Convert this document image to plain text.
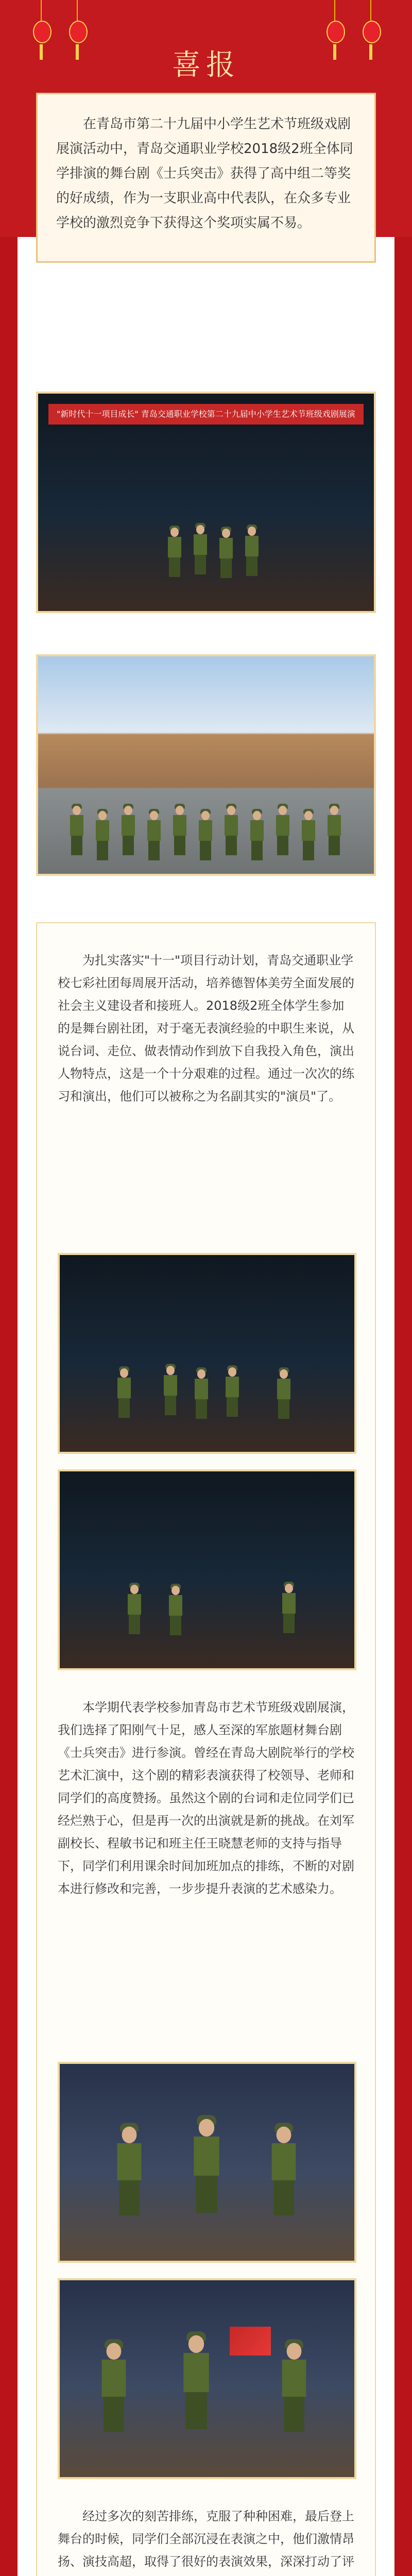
喜报
在青岛市第二十九届中小学生艺术节班级戏剧展演活动中，青岛交通职业学校2018级2班全体同学排演的舞台剧《士兵突击》获得了高中组二等奖的好成绩，作为一支职业高中代表队，在众多专业学校的激烈竞争下获得这个奖项实属不易。
"新时代十一项目成长" 青岛交通职业学校第二十九届中小学生艺术节班级戏剧展演
为扎实落实"十一"项目行动计划，青岛交通职业学校七彩社团每周展开活动，培养德智体美劳全面发展的社会主义建设者和接班人。2018级2班全体学生参加的是舞台剧社团，对于毫无表演经验的中职生来说，从说台词、走位、做表情动作到放下自我投入角色，演出人物特点，这是一个十分艰难的过程。通过一次次的练习和演出，他们可以被称之为名副其实的"演员"了。
本学期代表学校参加青岛市艺术节班级戏剧展演，我们选择了阳刚气十足，感人至深的军旅题材舞台剧《士兵突击》进行参演。曾经在青岛大剧院举行的学校艺术汇演中，这个剧的精彩表演获得了校领导、老师和同学们的高度赞扬。虽然这个剧的台词和走位同学们已经烂熟于心，但是再一次的出演就是新的挑战。在刘军副校长、程敏书记和班主任王晓慧老师的支持与指导下，同学们利用课余时间加班加点的排练，不断的对剧本进行修改和完善，一步步提升表演的艺术感染力。
经过多次的刻苦排练，克服了种种困难，最后登上舞台的时候，同学们全部沉浸在表演之中，他们激情昂扬、演技高超，取得了很好的表演效果，深深打动了评
